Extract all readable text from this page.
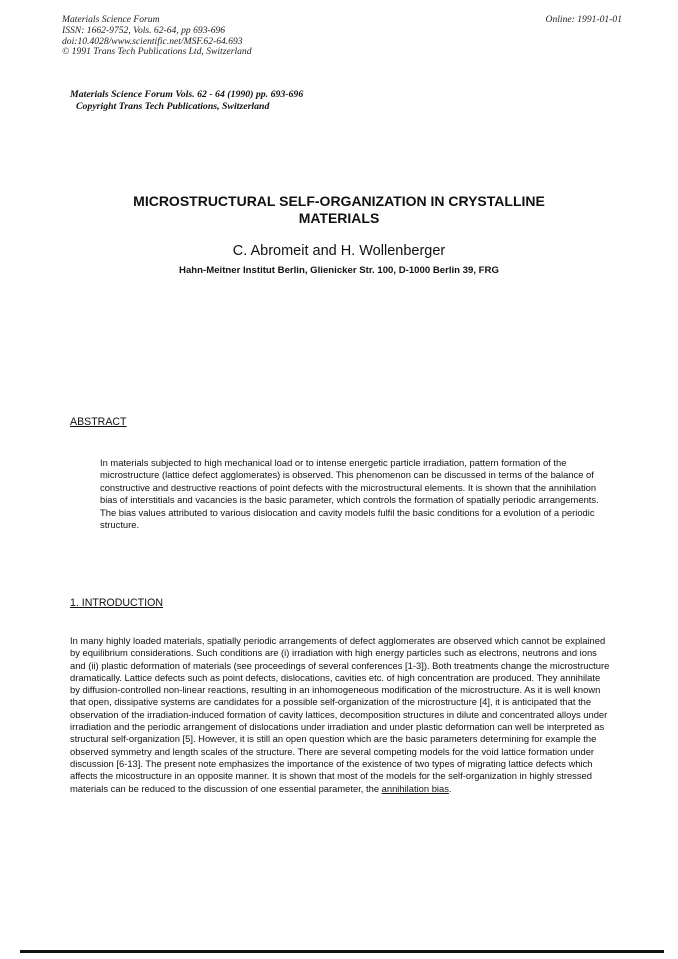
Materials Science Forum
ISSN: 1662-9752, Vols. 62-64, pp 693-696
doi:10.4028/www.scientific.net/MSF.62-64.693
© 1991 Trans Tech Publications Ltd, Switzerland
Online: 1991-01-01
Materials Science Forum Vols. 62 - 64 (1990) pp. 693-696
Copyright Trans Tech Publications, Switzerland
MICROSTRUCTURAL SELF-ORGANIZATION IN CRYSTALLINE
MATERIALS
C. Abromeit and H. Wollenberger
Hahn-Meitner Institut Berlin, Glienicker Str. 100, D-1000 Berlin 39, FRG
ABSTRACT
In materials subjected to high mechanical load or to intense energetic particle irradiation, pattern formation of the microstructure (lattice defect agglomerates) is observed. This phenomenon can be discussed in terms of the balance of constructive and destructive reactions of point defects with the microstructural elements. It is shown that the annihilation bias of interstitials and vacancies is the basic parameter, which controls the formation of spatially periodic arrangements. The bias values attributed to various dislocation and cavity models fulfil the basic conditions for a evolution of a periodic structure.
1. INTRODUCTION
In many highly loaded materials, spatially periodic arrangements of defect agglomerates are observed which cannot be explained by equilibrium considerations. Such conditions are (i) irradiation with high energy particles such as electrons, neutrons and ions and (ii) plastic deformation of materials (see proceedings of several conferences [1-3]). Both treatments change the microstructure dramatically. Lattice defects such as point defects, dislocations, cavities etc. of high concentration are produced. They annihilate by diffusion-controlled non-linear reactions, resulting in an inhomogeneous modification of the microstructure. As it is well known that open, dissipative systems are candidates for a possible self-organization of the microstructure [4], it is anticipated that the observation of the irradiation-induced formation of cavity lattices, decomposition structures in dilute and concentrated alloys under irradiation and the periodic arrangement of dislocations under irradiation and under plastic deformation can well be interpreted as structural self-organization [5]. However, it is still an open question which are the basic parameters determining for example the observed symmetry and length scales of the structure. There are several competing models for the void lattice formation under discussion [6-13]. The present note emphasizes the importance of the existence of two types of migrating lattice defects which affects the micostructure in an opposite manner. It is shown that most of the models for the self-organization in highly stressed materials can be reduced to the discussion of one essential parameter, the annihilation bias.
